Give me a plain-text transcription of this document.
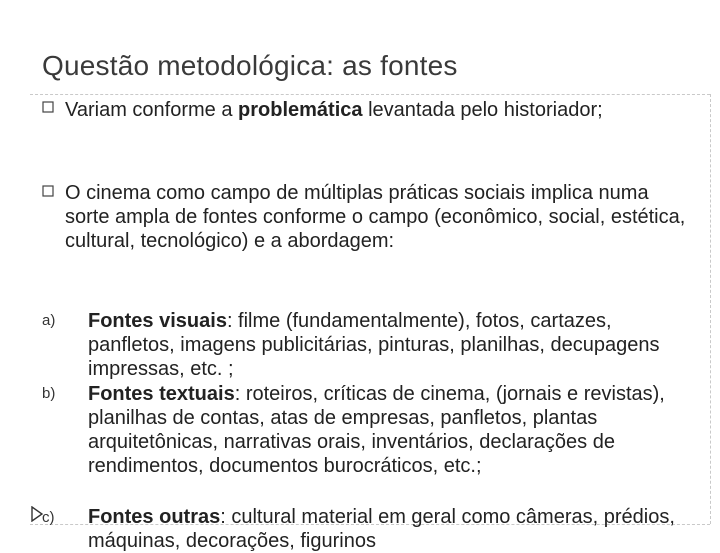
Questão metodológica: as fontes
Variam conforme a problemática levantada pelo historiador;
O cinema como campo de múltiplas práticas sociais implica numa sorte ampla de fontes conforme o campo (econômico, social, estética, cultural, tecnológico) e a abordagem:
a) Fontes visuais: filme (fundamentalmente), fotos, cartazes, panfletos, imagens publicitárias, pinturas, planilhas, decupagens impressas, etc. ;
b) Fontes textuais: roteiros, críticas de cinema, (jornais e revistas), planilhas de contas, atas de empresas, panfletos, plantas arquitetônicas, narrativas orais, inventários, declarações de rendimentos, documentos burocráticos, etc.;
c) Fontes outras: cultural material em geral como câmeras, prédios, máquinas, decorações, figurinos
